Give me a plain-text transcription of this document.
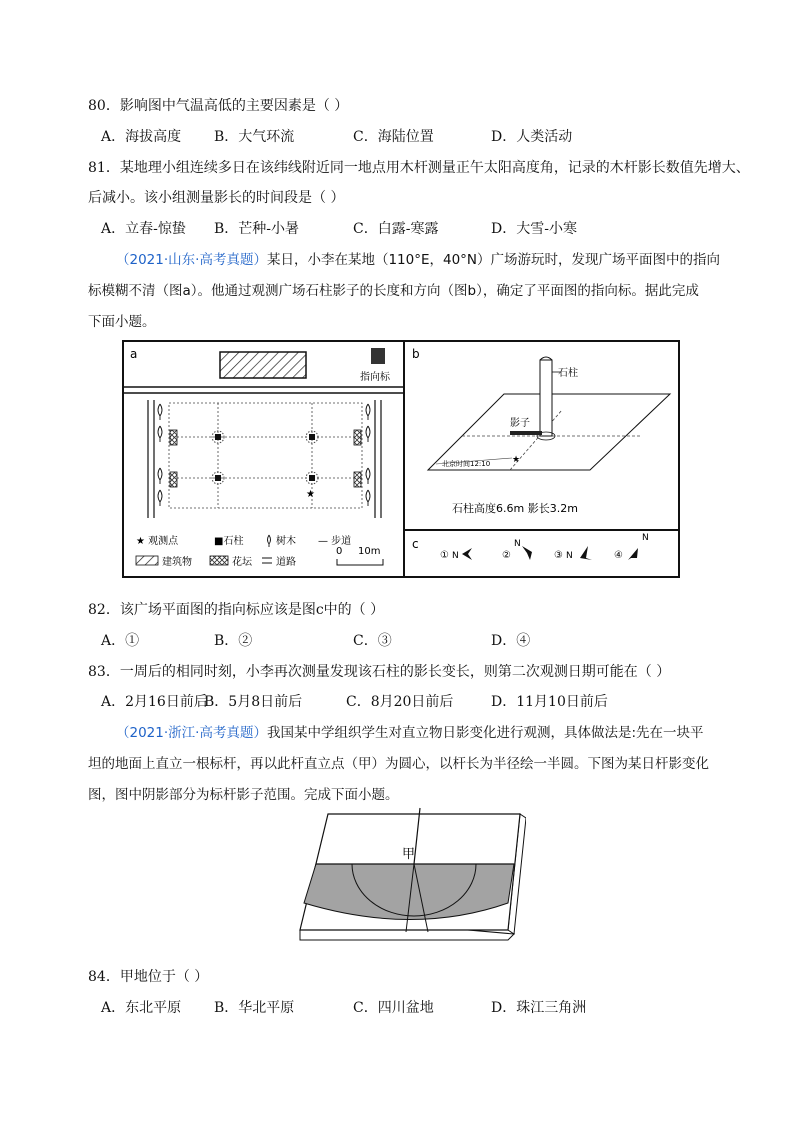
80．影响图中气温高低的主要因素是（ ）
A．海拔高度 B．大气环流	C．海陆位置	D．人类活动
81．某地理小组连续多日在该纬线附近同一地点用木杆测量正午太阳高度角，记录的木杆影长数值先增大、
后减小。该小组测量影长的时间段是（ ）
A．立春-惊蛰 B．芒种-小暑	C．白露-寒露	D．大雪-小寒
（2021·山东·高考真题）某日，小李在某地（110°E，40°N）广场游玩时，发现广场平面图中的指向
标模糊不清（图a）。他通过观测广场石柱影子的长度和方向（图b），确定了平面图的指向标。据此完成
下面小题。
a
指向标
★
★ 观测点	■石柱	树木 — 步道
建筑物	花坛 道路
0 10m
b
石柱
影子
★
北京时间12:10
石柱高度6.6m 影长3.2m
c
① N	②
N
③ N	④
N
82．该广场平面图的指向标应该是图c中的（ ）
A．①	B．②	C．③	D．④
83．一周后的相同时刻，小李再次测量发现该石柱的影长变长，则第二次观测日期可能在（ ）
A．2月16日前后
B．5月8日前后	C．8月20日前后	D．11月10日前后
（2021·浙江·高考真题）我国某中学组织学生对直立物日影变化进行观测，具体做法是:先在一块平
坦的地面上直立一根标杆，再以此杆直立点（甲）为圆心，以杆长为半径绘一半圆。下图为某日杆影变化
图，图中阴影部分为标杆影子范围。完成下面小题。
甲
84．甲地位于（ ）
A．东北平原 B．华北平原	C．四川盆地	D．珠江三角洲
